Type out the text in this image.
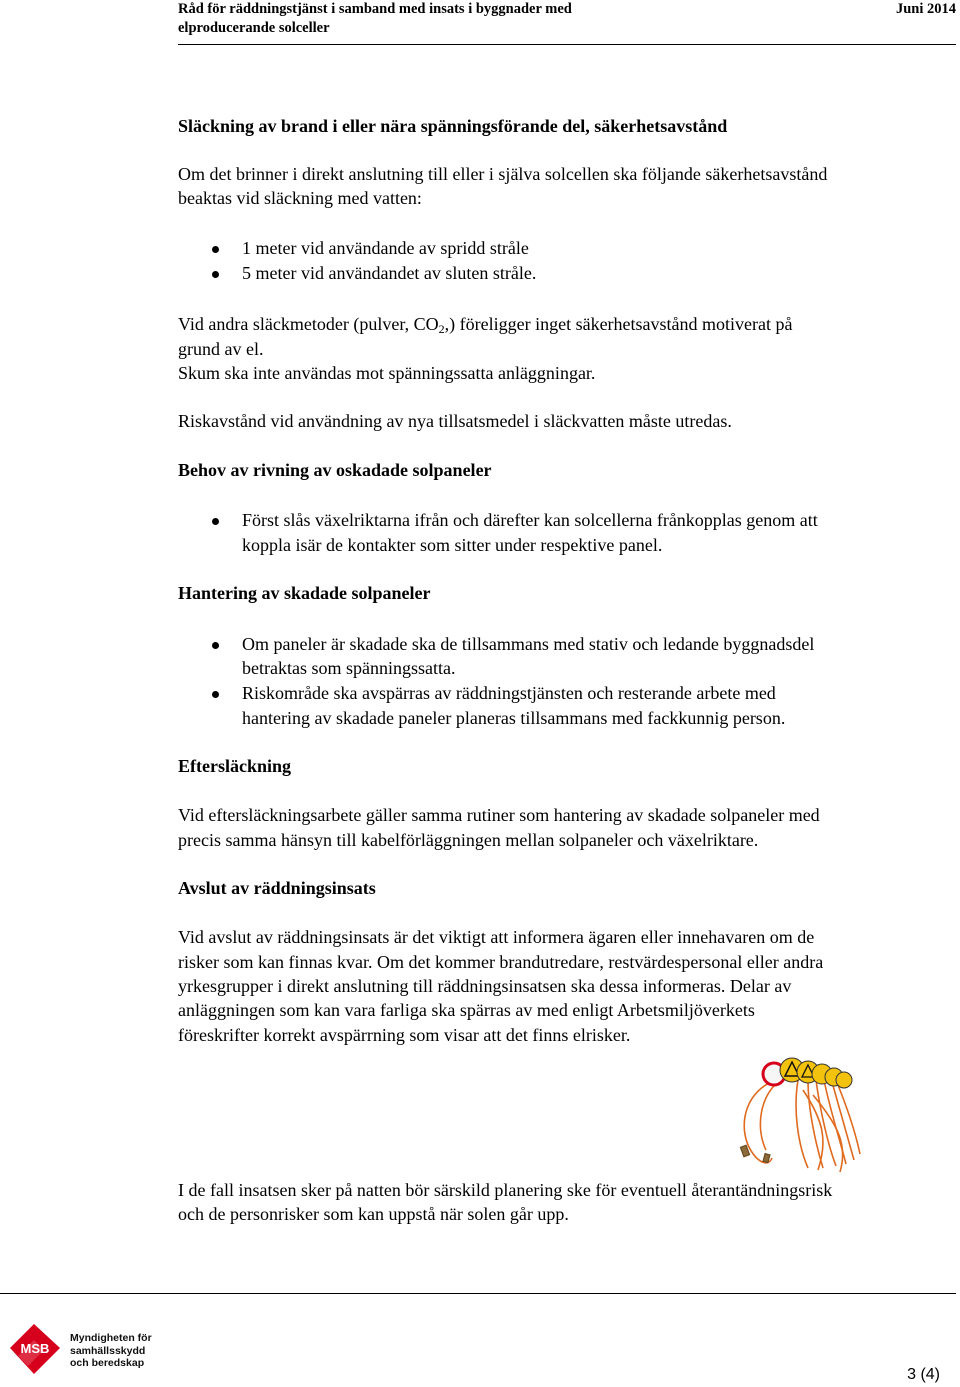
Råd för räddningstjänst i samband med insats i byggnader med
elproducerande solceller
Juni 2014
Släckning av brand i eller nära spänningsförande del, säkerhetsavstånd
Om det brinner i direkt anslutning till eller i själva solcellen ska följande säkerhetsavstånd
beaktas vid släckning med vatten:
1 meter vid användande av spridd stråle
5 meter vid användandet av sluten stråle.
Vid andra släckmetoder (pulver, $CO_2$,) föreligger inget säkerhetsavstånd motiverat på
grund av el.
Skum ska inte användas mot spänningssatta anläggningar.
Riskavstånd vid användning av nya tillsatsmedel i släckvatten måste utredas.
Behov av rivning av oskadade solpaneler
Först slås växelriktarna ifrån och därefter kan solcellerna frånkopplas genom att
koppla isär de kontakter som sitter under respektive panel.
Hantering av skadade solpaneler
Om paneler är skadade ska de tillsammans med stativ och ledande byggnadsdel
betraktas som spänningssatta.
Riskområde ska avspärras av räddningstjänsten och resterande arbete med
hantering av skadade paneler planeras tillsammans med fackkunnig person.
Eftersläckning
Vid eftersläckningsarbete gäller samma rutiner som hantering av skadade solpaneler med
precis samma hänsyn till kabelförläggningen mellan solpaneler och växelriktare.
Avslut av räddningsinsats
Vid avslut av räddningsinsats är det viktigt att informera ägaren eller innehavaren om de
risker som kan finnas kvar. Om det kommer brandutredare, restvärdespersonal eller andra
yrkesgrupper i direkt anslutning till räddningsinsatsen ska dessa informeras. Delar av
anläggningen som kan vara farliga ska spärras av med enligt Arbetsmiljöverkets
föreskrifter korrekt avspärrning som visar att det finns elrisker.
I de fall insatsen sker på natten bör särskild planering ske för eventuell återantändningsrisk
och de personrisker som kan uppstå när solen går upp.
MSB
Myndigheten för
samhällsskydd
och beredskap
3 (4)
